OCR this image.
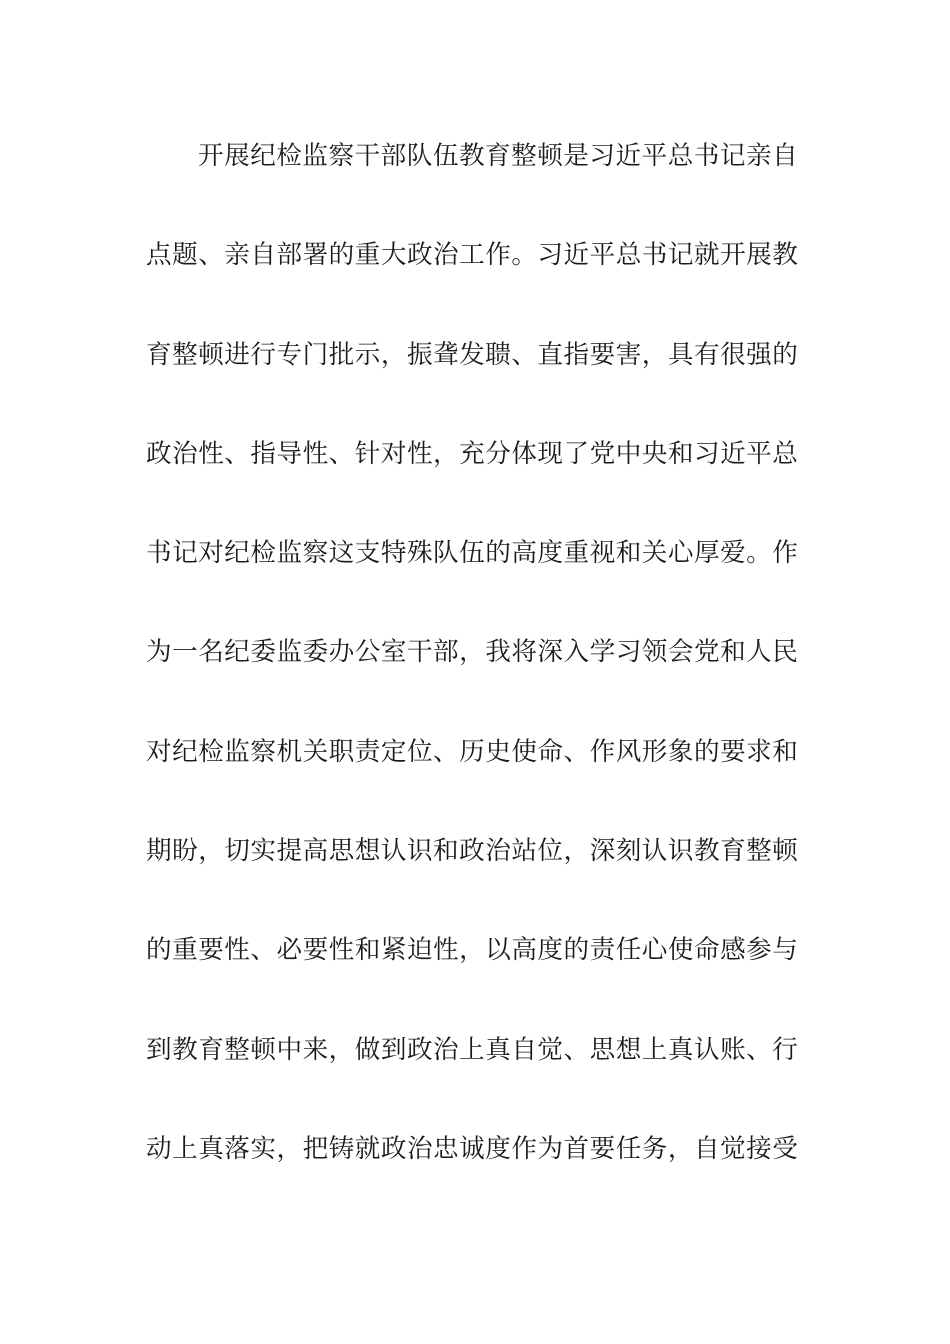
开展纪检监察干部队伍教育整顿是习近平总书记亲自
点题、亲自部署的重大政治工作。习近平总书记就开展教
育整顿进行专门批示，振聋发聩、直指要害，具有很强的
政治性、指导性、针对性，充分体现了党中央和习近平总
书记对纪检监察这支特殊队伍的高度重视和关心厚爱。作
为一名纪委监委办公室干部，我将深入学习领会党和人民
对纪检监察机关职责定位、历史使命、作风形象的要求和
期盼，切实提高思想认识和政治站位，深刻认识教育整顿
的重要性、必要性和紧迫性，以高度的责任心使命感参与
到教育整顿中来，做到政治上真自觉、思想上真认账、行
动上真落实，把铸就政治忠诚度作为首要任务，自觉接受
